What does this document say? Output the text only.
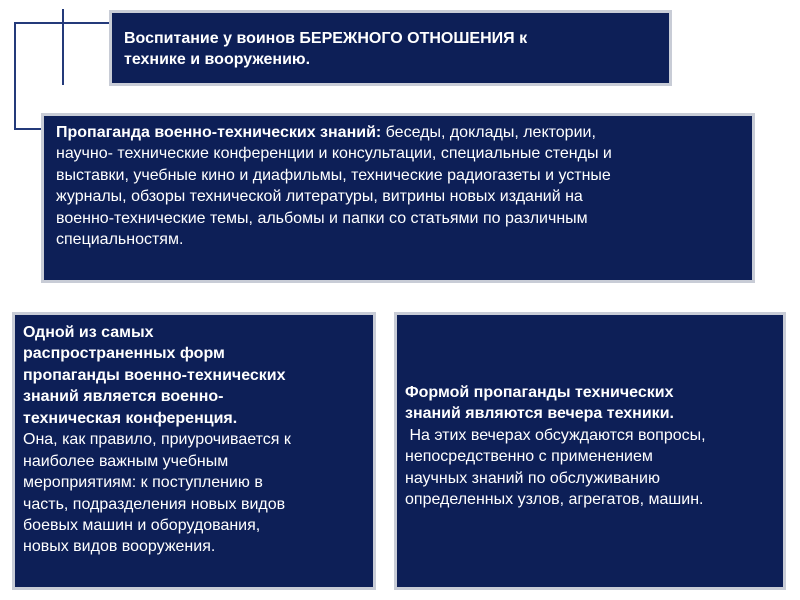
Воспитание у воинов БЕРЕЖНОГО ОТНОШЕНИЯ к
технике и вооружению.
Пропаганда военно-технических знаний: беседы, доклады, лектории,
научно- технические конференции и консультации, специальные стенды и
выставки, учебные кино и диафильмы, технические радиогазеты и устные
журналы, обзоры технической литературы, витрины новых изданий на
военно-технические темы, альбомы и папки со статьями по различным
специальностям.
Одной из самых
распространенных форм
пропаганды военно-технических
знаний является военно-
техническая конференция.
Она, как правило, приурочивается к
наиболее важным учебным
мероприятиям: к поступлению в
часть, подразделения новых видов
боевых машин и оборудования,
новых видов вооружения.
Формой пропаганды технических
знаний являются вечера техники.
На этих вечерах обсуждаются вопросы,
непосредственно с применением
научных знаний по обслуживанию
определенных узлов, агрегатов, машин.
